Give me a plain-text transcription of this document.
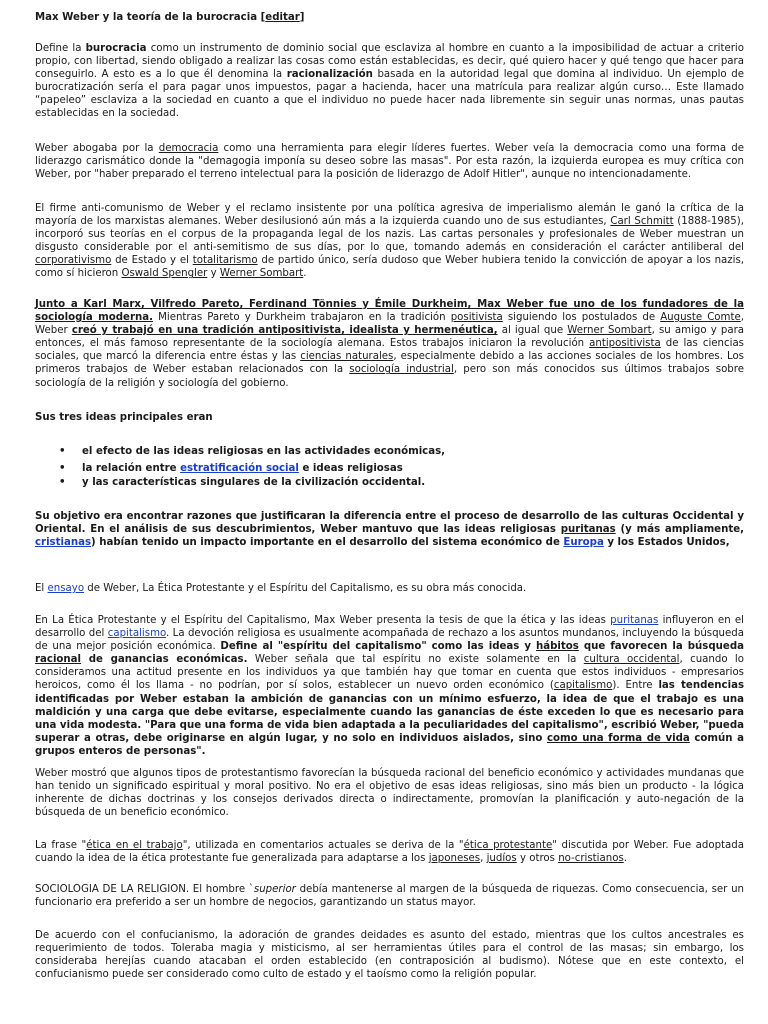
Max Weber y la teoría de la burocracia [editar]

Define la burocracia como un instrumento de dominio social que esclaviza al hombre en cuanto a la imposibilidad de actuar a criterio propio, con libertad, siendo obligado a realizar las cosas como están establecidas, es decir, qué quiero hacer y qué tengo que hacer para conseguirlo. A esto es a lo que él denomina la racionalización basada en la autoridad legal que domina al individuo. Un ejemplo de burocratización sería el para pagar unos impuestos, pagar a hacienda, hacer una matrícula para realizar algún curso… Este llamado “papeleo” esclaviza a la sociedad en cuanto a que el individuo no puede hacer nada libremente sin seguir unas normas, unas pautas establecidas en la sociedad.

Weber abogaba por la democracia como una herramienta para elegir líderes fuertes. Weber veía la democracia como una forma de liderazgo carismático donde la "demagogia imponía su deseo sobre las masas". Por esta razón, la izquierda europea es muy crítica con Weber, por "haber preparado el terreno intelectual para la posición de liderazgo de Adolf Hitler", aunque no intencionadamente.

El firme anti-comunismo de Weber y el reclamo insistente por una política agresiva de imperialismo alemán le ganó la crítica de la mayoría de los marxistas alemanes. Weber desilusionó aún más a la izquierda cuando uno de sus estudiantes, Carl Schmitt (1888-1985), incorporó sus teorías en el corpus de la propaganda legal de los nazis. Las cartas personales y profesionales de Weber muestran un disgusto considerable por el anti-semitismo de sus días, por lo que, tomando además en consideración el carácter antiliberal del corporativismo de Estado y el totalitarismo de partido único, sería dudoso que Weber hubiera tenido la convicción de apoyar a los nazis, como sí hicieron Oswald Spengler y Werner Sombart.

Junto a Karl Marx, Vilfredo Pareto, Ferdinand Tönnies y Émile Durkheim, Max Weber fue uno de los fundadores de la sociología moderna. Mientras Pareto y Durkheim trabajaron en la tradición positivista siguiendo los postulados de Auguste Comte, Weber creó y trabajó en una tradición antipositivista, idealista y hermenéutica, al igual que Werner Sombart, su amigo y para entonces, el más famoso representante de la sociología alemana. Estos trabajos iniciaron la revolución antipositivista de las ciencias sociales, que marcó la diferencia entre éstas y las ciencias naturales, especialmente debido a las acciones sociales de los hombres. Los primeros trabajos de Weber estaban relacionados con la sociología industrial, pero son más conocidos sus últimos trabajos sobre sociología de la religión y sociología del gobierno.

Sus tres ideas principales eran

• el efecto de las ideas religiosas en las actividades económicas,
• la relación entre estratificación social e ideas religiosas
• y las características singulares de la civilización occidental.

Su objetivo era encontrar razones que justificaran la diferencia entre el proceso de desarrollo de las culturas Occidental y Oriental. En el análisis de sus descubrimientos, Weber mantuvo que las ideas religiosas puritanas (y más ampliamente, cristianas) habían tenido un impacto importante en el desarrollo del sistema económico de Europa y los Estados Unidos,

El ensayo de Weber, La Ética Protestante y el Espíritu del Capitalismo, es su obra más conocida.

En La Ética Protestante y el Espíritu del Capitalismo, Max Weber presenta la tesis de que la ética y las ideas puritanas influyeron en el desarrollo del capitalismo. La devoción religiosa es usualmente acompañada de rechazo a los asuntos mundanos, incluyendo la búsqueda de una mejor posición económica. Define al "espíritu del capitalismo" como las ideas y hábitos que favorecen la búsqueda racional de ganancias económicas. Weber señala que tal espíritu no existe solamente en la cultura occidental, cuando lo consideramos una actitud presente en los individuos ya que también hay que tomar en cuenta que estos individuos - empresarios heroicos, como él los llama - no podrían, por sí solos, establecer un nuevo orden económico (capitalismo). Entre las tendencias identificadas por Weber estaban la ambición de ganancias con un mínimo esfuerzo, la idea de que el trabajo es una maldición y una carga que debe evitarse, especialmente cuando las ganancias de éste exceden lo que es necesario para una vida modesta. "Para que una forma de vida bien adaptada a la peculiaridades del capitalismo", escribió Weber, "pueda superar a otras, debe originarse en algún lugar, y no solo en individuos aislados, sino como una forma de vida común a grupos enteros de personas".

Weber mostró que algunos tipos de protestantismo favorecían la búsqueda racional del beneficio económico y actividades mundanas que han tenido un significado espiritual y moral positivo. No era el objetivo de esas ideas religiosas, sino más bien un producto - la lógica inherente de dichas doctrinas y los consejos derivados directa o indirectamente, promovían la planificación y auto-negación de la búsqueda de un beneficio económico.

La frase "ética en el trabajo", utilizada en comentarios actuales se deriva de la "ética protestante" discutida por Weber. Fue adoptada cuando la idea de la ética protestante fue generalizada para adaptarse a los japoneses, judíos y otros no-cristianos.

SOCIOLOGIA DE LA RELIGION. El hombre `superior debía mantenerse al margen de la búsqueda de riquezas. Como consecuencia, ser un funcionario era preferido a ser un hombre de negocios, garantizando un status mayor.

De acuerdo con el confucianismo, la adoración de grandes deidades es asunto del estado, mientras que los cultos ancestrales es requerimiento de todos. Toleraba magia y misticismo, al ser herramientas útiles para el control de las masas; sin embargo, los consideraba herejías cuando atacaban el orden establecido (en contraposición al budismo). Nótese que en este contexto, el confucianismo puede ser considerado como culto de estado y el taoísmo como la religión popular.
